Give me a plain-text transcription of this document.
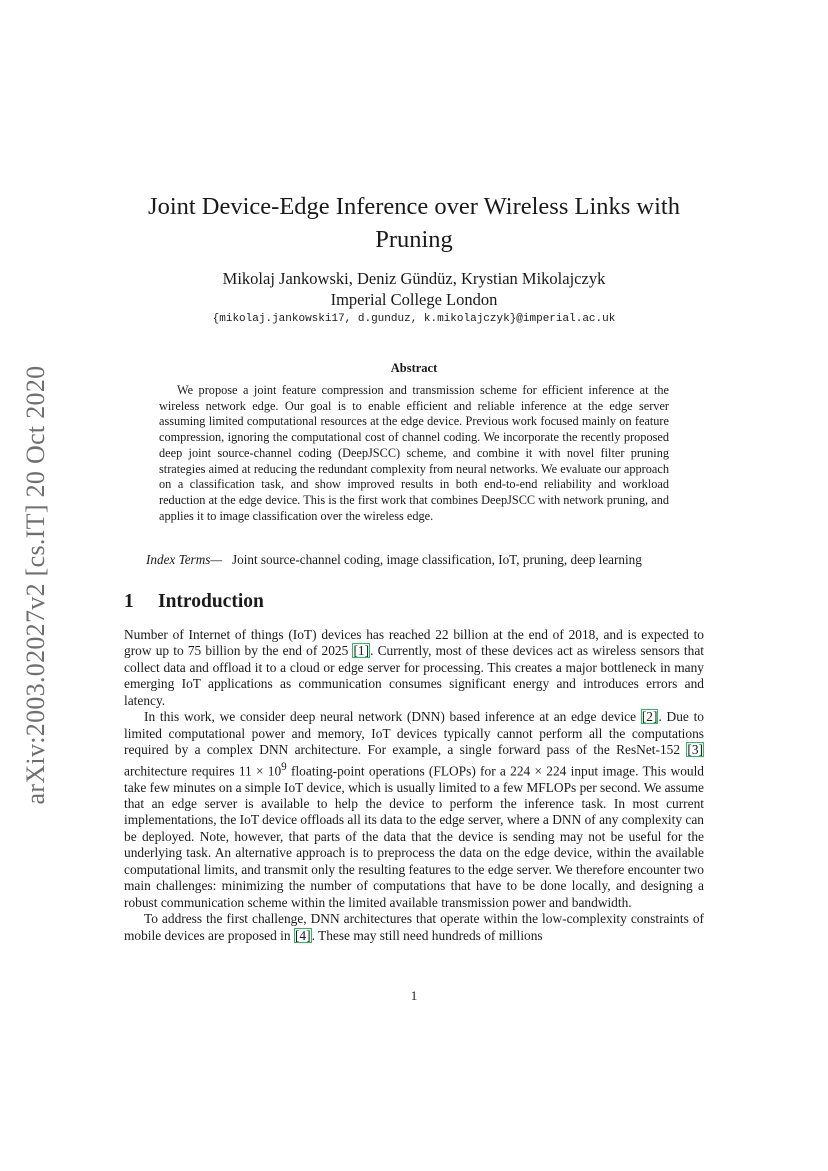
arXiv:2003.02027v2 [cs.IT] 20 Oct 2020
Joint Device-Edge Inference over Wireless Links with Pruning
Mikolaj Jankowski, Deniz Gündüz, Krystian Mikolajczyk
Imperial College London
{mikolaj.jankowski17, d.gunduz, k.mikolajczyk}@imperial.ac.uk
Abstract

We propose a joint feature compression and transmission scheme for efficient inference at the wireless network edge. Our goal is to enable efficient and reliable inference at the edge server assuming limited computational resources at the edge device. Previous work focused mainly on feature compression, ignoring the computational cost of channel coding. We incorporate the recently proposed deep joint source-channel coding (DeepJSCC) scheme, and combine it with novel filter pruning strategies aimed at reducing the redundant complexity from neural networks. We evaluate our approach on a classification task, and show improved results in both end-to-end reliability and workload reduction at the edge device. This is the first work that combines DeepJSCC with network pruning, and applies it to image classification over the wireless edge.

Index Terms— Joint source-channel coding, image classification, IoT, pruning, deep learning
1 Introduction

Number of Internet of things (IoT) devices has reached 22 billion at the end of 2018, and is expected to grow up to 75 billion by the end of 2025 [1]. Currently, most of these devices act as wireless sensors that collect data and offload it to a cloud or edge server for processing. This creates a major bottleneck in many emerging IoT applications as communication consumes significant energy and introduces errors and latency.

In this work, we consider deep neural network (DNN) based inference at an edge device [2]. Due to limited computational power and memory, IoT devices typically cannot perform all the computations required by a complex DNN architecture. For example, a single forward pass of the ResNet-152 [3] architecture requires $11 \times 10^9$ floating-point operations (FLOPs) for a 224 × 224 input image. This would take few minutes on a simple IoT device, which is usually limited to a few MFLOPs per second. We assume that an edge server is available to help the device to perform the inference task. In most current implementations, the IoT device offloads all its data to the edge server, where a DNN of any complexity can be deployed. Note, however, that parts of the data that the device is sending may not be useful for the underlying task. An alternative approach is to preprocess the data on the edge device, within the available computational limits, and transmit only the resulting features to the edge server. We therefore encounter two main challenges: minimizing the number of computations that have to be done locally, and designing a robust communication scheme within the limited available transmission power and bandwidth.

To address the first challenge, DNN architectures that operate within the low-complexity constraints of mobile devices are proposed in [4]. These may still need hundreds of millions

1
